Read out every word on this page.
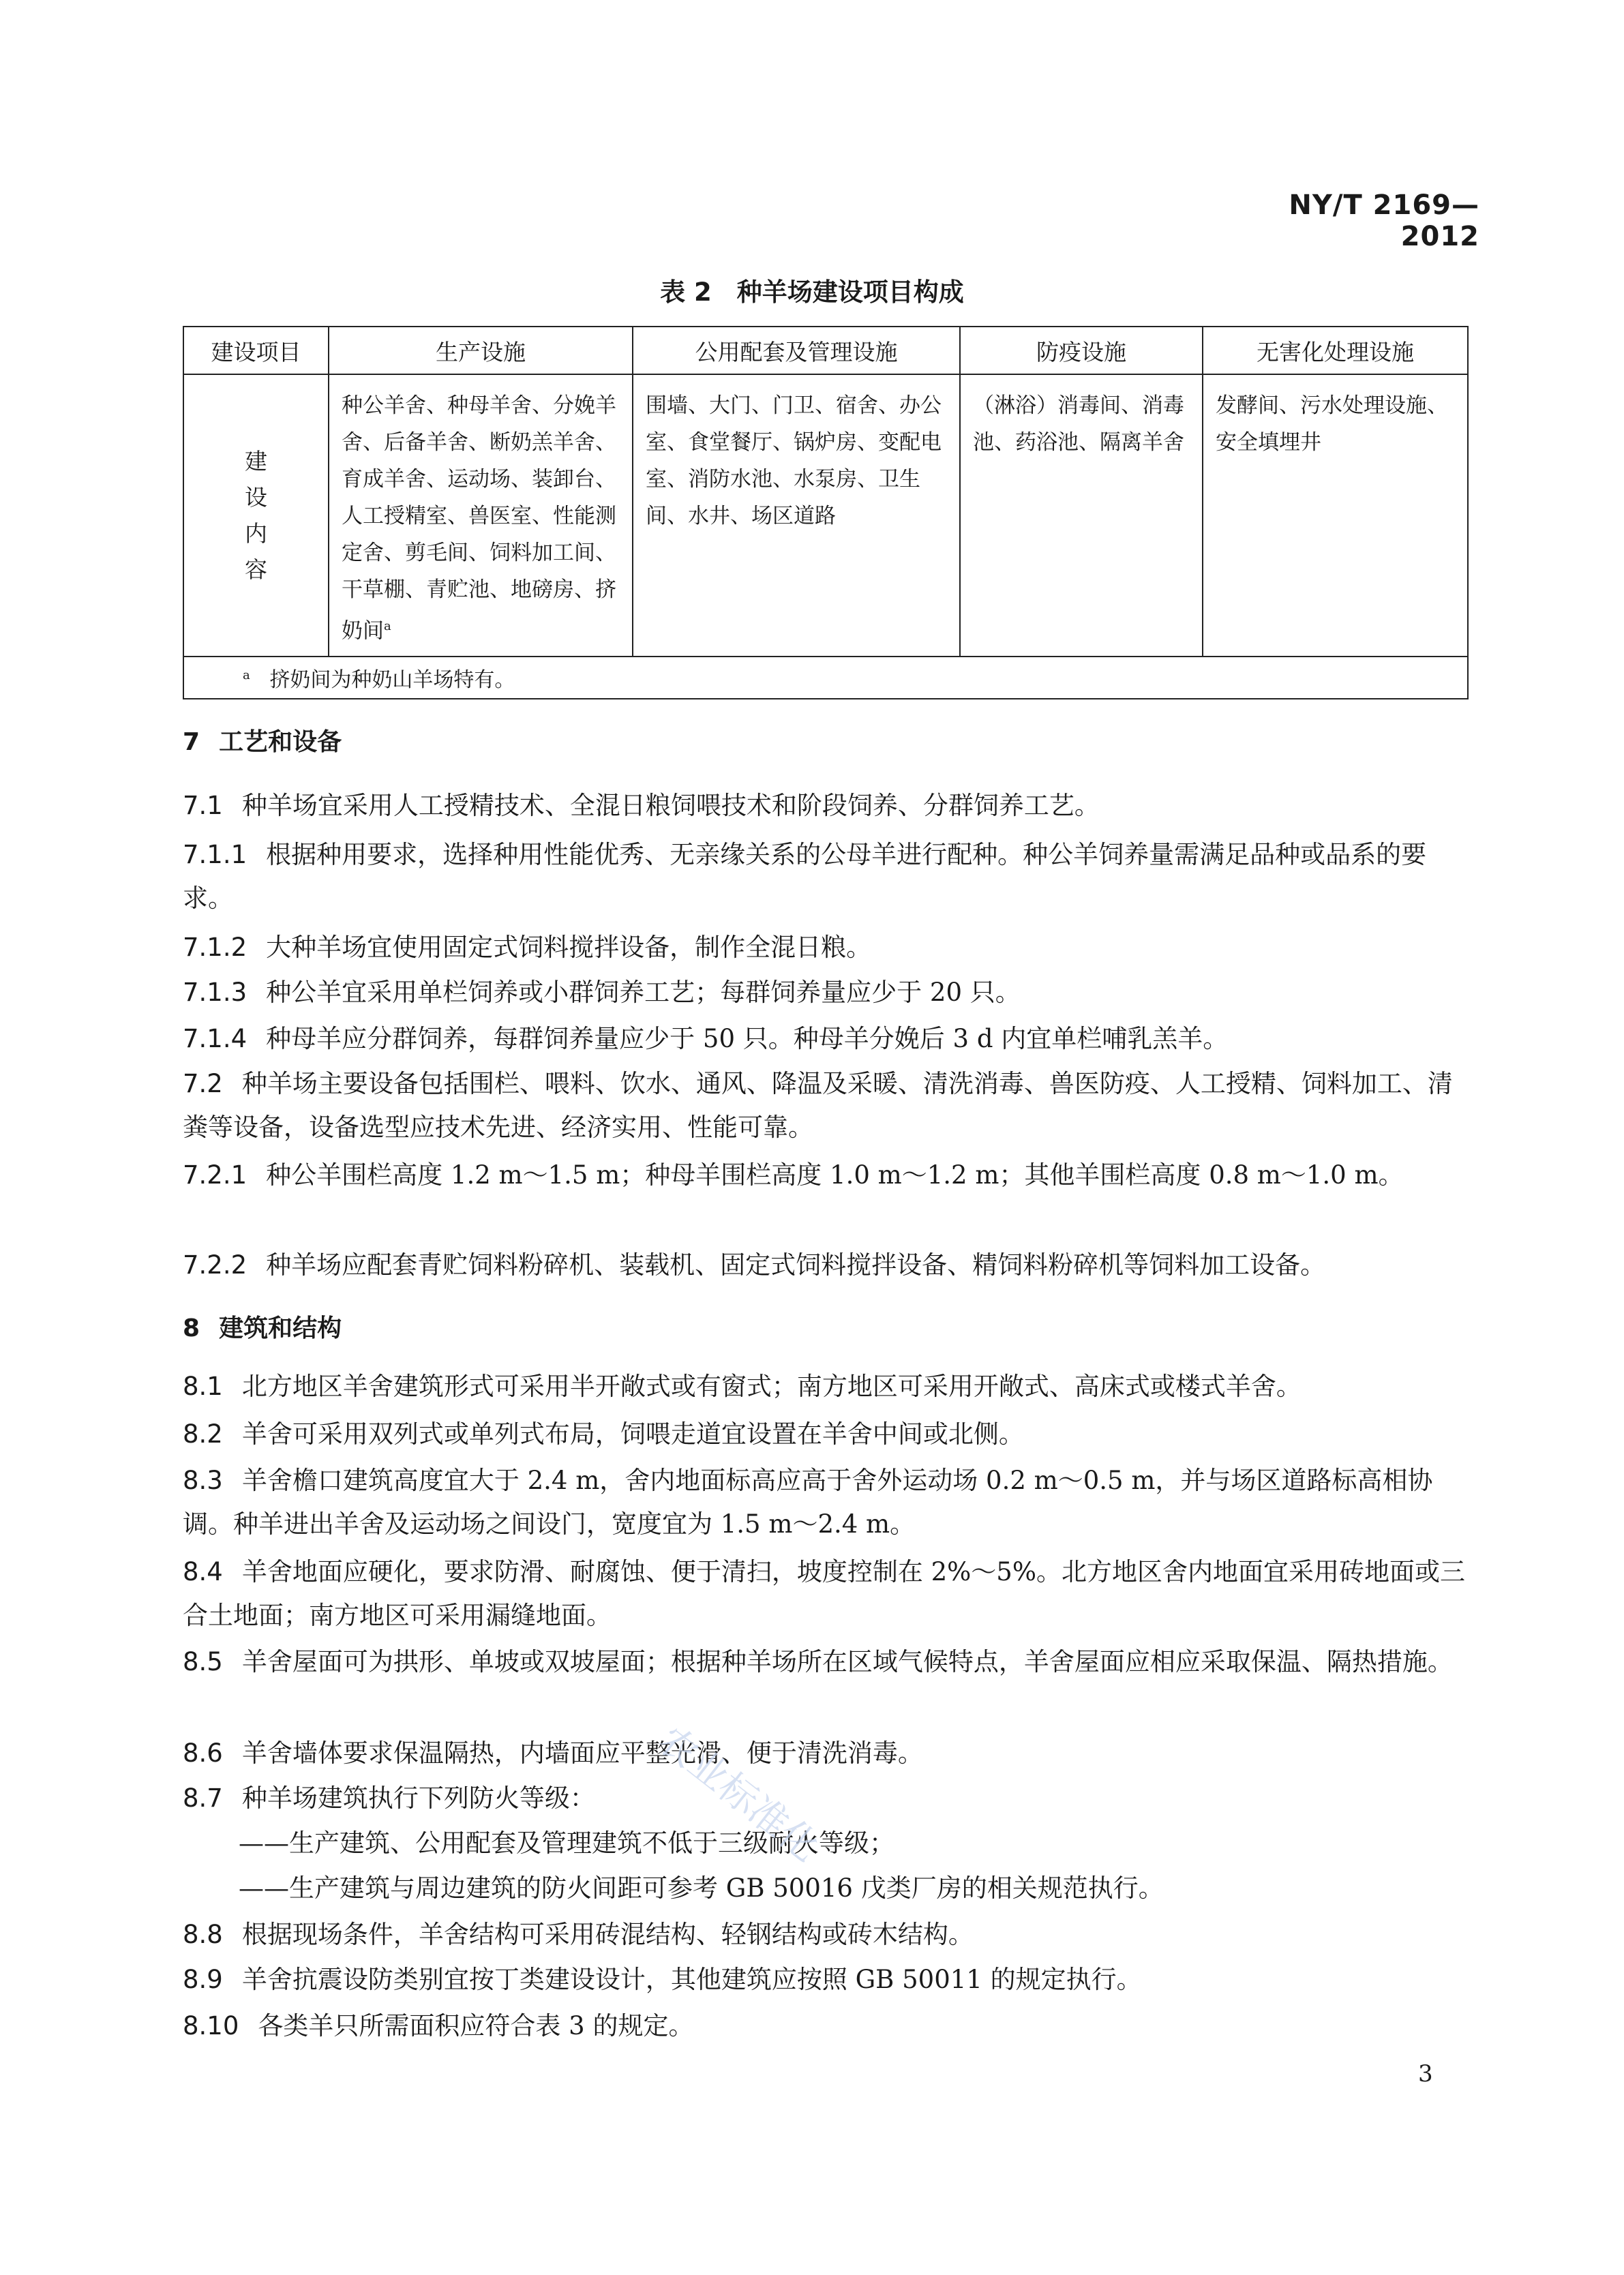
NY/T 2169—2012
表 2　种羊场建设项目构成
建设项目	生产设施	公用配套及管理设施	防疫设施	无害化处理设施
建
设
内
容	种公羊舍、种母羊舍、分娩羊舍、后备羊舍、断奶羔羊舍、育成羊舍、运动场、装卸台、人工授精室、兽医室、性能测定舍、剪毛间、饲料加工间、干草棚、青贮池、地磅房、挤奶间$^a$	围墙、大门、门卫、宿舍、办公室、食堂餐厅、锅炉房、变配电室、消防水池、水泵房、卫生间、水井、场区道路	（淋浴）消毒间、消毒池、药浴池、隔离羊舍	发酵间、污水处理设施、安全填埋井
$^a$ 挤奶间为种奶山羊场特有。				
7 工艺和设备
7.1 种羊场宜采用人工授精技术、全混日粮饲喂技术和阶段饲养、分群饲养工艺。
7.1.1 根据种用要求，选择种用性能优秀、无亲缘关系的公母羊进行配种。种公羊饲养量需满足品种或品系的要求。
7.1.2 大种羊场宜使用固定式饲料搅拌设备，制作全混日粮。
7.1.3 种公羊宜采用单栏饲养或小群饲养工艺；每群饲养量应少于 20 只。
7.1.4 种母羊应分群饲养，每群饲养量应少于 50 只。种母羊分娩后 3 d 内宜单栏哺乳羔羊。
7.2 种羊场主要设备包括围栏、喂料、饮水、通风、降温及采暖、清洗消毒、兽医防疫、人工授精、饲料加工、清粪等设备，设备选型应技术先进、经济实用、性能可靠。
7.2.1 种公羊围栏高度 1.2 m～1.5 m；种母羊围栏高度 1.0 m～1.2 m；其他羊围栏高度 0.8 m～1.0 m。
7.2.2 种羊场应配套青贮饲料粉碎机、装载机、固定式饲料搅拌设备、精饲料粉碎机等饲料加工设备。
8 建筑和结构
8.1 北方地区羊舍建筑形式可采用半开敞式或有窗式；南方地区可采用开敞式、高床式或楼式羊舍。
8.2 羊舍可采用双列式或单列式布局，饲喂走道宜设置在羊舍中间或北侧。
8.3 羊舍檐口建筑高度宜大于 2.4 m，舍内地面标高应高于舍外运动场 0.2 m～0.5 m，并与场区道路标高相协调。种羊进出羊舍及运动场之间设门，宽度宜为 1.5 m～2.4 m。
8.4 羊舍地面应硬化，要求防滑、耐腐蚀、便于清扫，坡度控制在 2%～5%。北方地区舍内地面宜采用砖地面或三合土地面；南方地区可采用漏缝地面。
8.5 羊舍屋面可为拱形、单坡或双坡屋面；根据种羊场所在区域气候特点，羊舍屋面应相应采取保温、隔热措施。
8.6 羊舍墙体要求保温隔热，内墙面应平整光滑、便于清洗消毒。
8.7 种羊场建筑执行下列防火等级：
——生产建筑、公用配套及管理建筑不低于三级耐火等级；
——生产建筑与周边建筑的防火间距可参考 GB 50016 戊类厂房的相关规范执行。
8.8 根据现场条件，羊舍结构可采用砖混结构、轻钢结构或砖木结构。
8.9 羊舍抗震设防类别宜按丁类建设设计，其他建筑应按照 GB 50011 的规定执行。
8.10 各类羊只所需面积应符合表 3 的规定。
农业标准化
3
